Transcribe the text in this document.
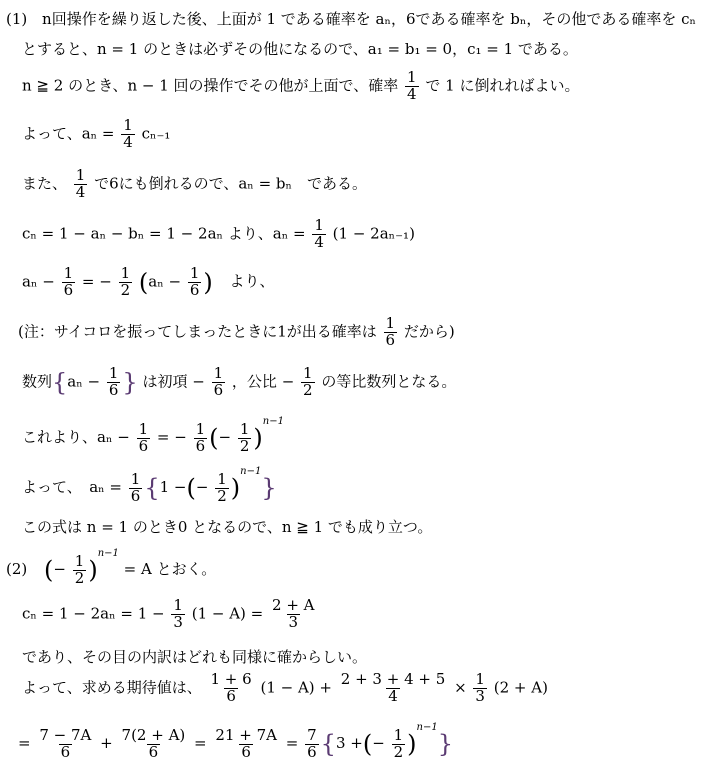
(1) n回操作を繰り返した後、上面が 1 である確率を aₙ，6である確率を bₙ，その他である確率を cₙ
とすると、n = 1 のときは必ずその他になるので、a₁ = b₁ = 0，c₁ = 1 である。
n ≧ 2 のとき、n − 1 回の操作でその他が上面で、確率 $\frac{1}{4}$ で 1 に倒れればよい。
よって、$a_n = \frac{1}{4} c_{n-1}$
また、 $\frac{1}{4}$ で6にも倒れるので、aₙ = bₙ　である。
cₙ = 1 − aₙ − bₙ = 1 − 2aₙ より、$a_n = \frac{1}{4} (1 - 2a_{n-1})$
$a_n - \frac{1}{6}$ = − $\frac{1}{2} (a_n - \frac{1}{6}$ ) より、
(注：サイコロを振ってしまったときに1が出る確率は $\frac{1}{6}$ だから)
数列{$a_n - \frac{1}{6}$ } は初項 − $\frac{1}{6}$ ，公比 − $\frac{1}{2}$ の等比数列となる。
これより、$a_n - \frac{1}{6}$ = − $\frac{1}{6}$ (− $\frac{1}{2} )^{n-1}$
よって、　$a_n = \frac{1}{6} \{1$ −(− $\frac{1}{2} )^{n-1}$}
この式は n = 1 のとき0 となるので、n ≧ 1 でも成り立つ。
(2) (− $\frac{1}{2} )^{n-1} = A$ とおく。
$c_n = 1 - 2a_n = 1 - \frac{1}{3} (1 - A) = \frac{2 + A}{3}$
であり、その目の内訳はどれも同様に確からしい。
よって、求める期待値は、 $\frac{1 + 6}{6} (1 - A) + \frac{2 + 3 + 4 + 5}{4} \times \frac{1}{3} (2 + A)$
= $\frac{7 - 7A}{6} + \frac{7(2 + A)}{6} = \frac{21 + 7A}{6} = \frac{7}{6} \{3$ +(− $\frac{1}{2} )^{n-1}$}
